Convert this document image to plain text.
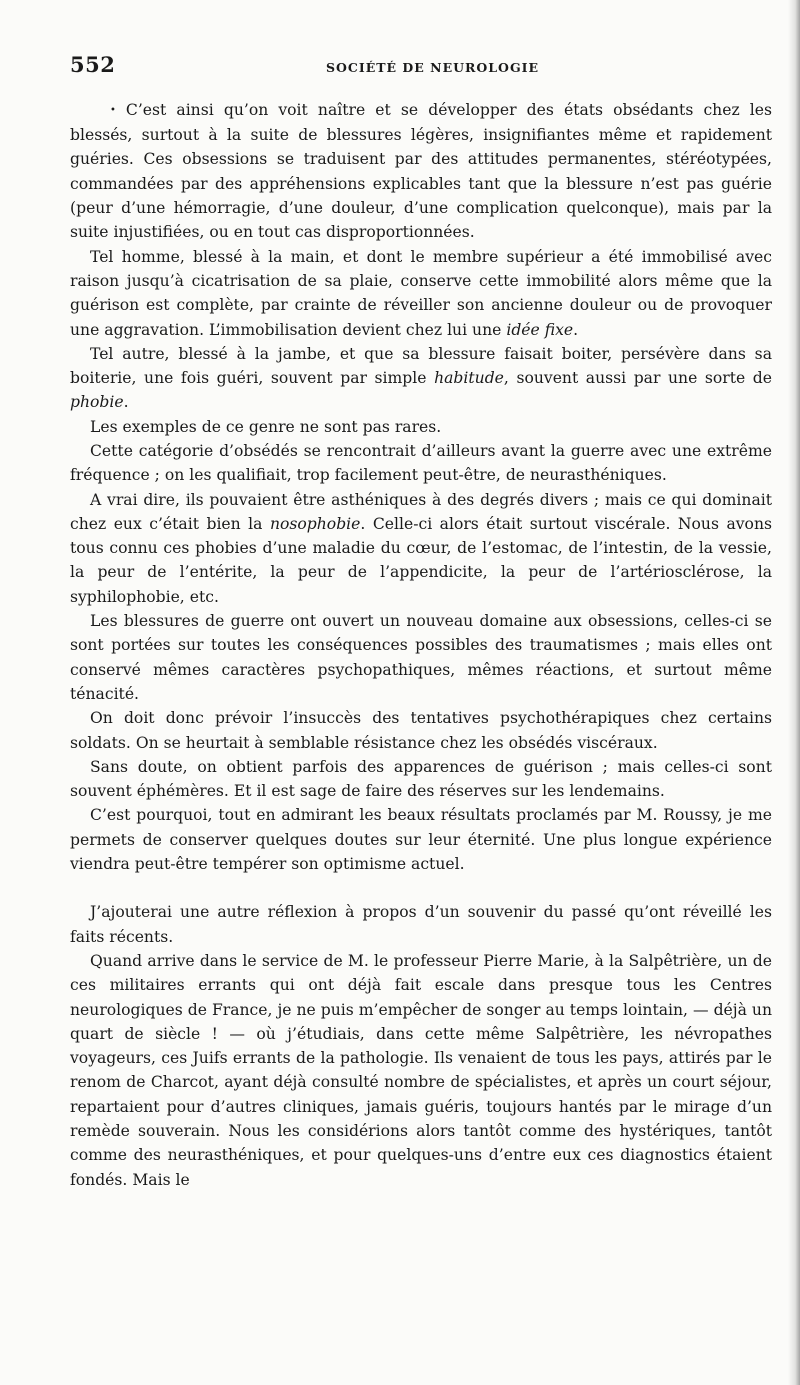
552	SOCIÉTÉ DE NEUROLOGIE

• C’est ainsi qu’on voit naître et se développer des états obsédants chez les blessés, surtout à la suite de blessures légères, insignifiantes même et rapidement guéries. Ces obsessions se traduisent par des attitudes permanentes, stéréotypées, commandées par des appréhensions explicables tant que la blessure n’est pas guérie (peur d’une hémorragie, d’une douleur, d’une complication quelconque), mais par la suite injustifiées, ou en tout cas disproportionnées.

Tel homme, blessé à la main, et dont le membre supérieur a été immobilisé avec raison jusqu’à cicatrisation de sa plaie, conserve cette immobilité alors même que la guérison est complète, par crainte de réveiller son ancienne douleur ou de provoquer une aggravation. L’immobilisation devient chez lui une idée fixe.

Tel autre, blessé à la jambe, et que sa blessure faisait boiter, persévère dans sa boiterie, une fois guéri, souvent par simple habitude, souvent aussi par une sorte de phobie.

Les exemples de ce genre ne sont pas rares.

Cette catégorie d’obsédés se rencontrait d’ailleurs avant la guerre avec une extrême fréquence ; on les qualifiait, trop facilement peut-être, de neurasthéniques.

A vrai dire, ils pouvaient être asthéniques à des degrés divers ; mais ce qui dominait chez eux c’était bien la nosophobie. Celle-ci alors était surtout viscérale. Nous avons tous connu ces phobies d’une maladie du cœur, de l’estomac, de l’intestin, de la vessie, la peur de l’entérite, la peur de l’appendicite, la peur de l’artériosclérose, la syphilophobie, etc.

Les blessures de guerre ont ouvert un nouveau domaine aux obsessions, celles-ci se sont portées sur toutes les conséquences possibles des traumatismes ; mais elles ont conservé mêmes caractères psychopathiques, mêmes réactions, et surtout même ténacité.

On doit donc prévoir l’insuccès des tentatives psychothérapiques chez certains soldats. On se heurtait à semblable résistance chez les obsédés viscéraux.

Sans doute, on obtient parfois des apparences de guérison ; mais celles-ci sont souvent éphémères. Et il est sage de faire des réserves sur les lendemains.

C’est pourquoi, tout en admirant les beaux résultats proclamés par M. Roussy, je me permets de conserver quelques doutes sur leur éternité. Une plus longue expérience viendra peut-être tempérer son optimisme actuel.

J’ajouterai une autre réflexion à propos d’un souvenir du passé qu’ont réveillé les faits récents.

Quand arrive dans le service de M. le professeur Pierre Marie, à la Salpêtrière, un de ces militaires errants qui ont déjà fait escale dans presque tous les Centres neurologiques de France, je ne puis m’empêcher de songer au temps lointain, — déjà un quart de siècle ! — où j’étudiais, dans cette même Salpêtrière, les névropathes voyageurs, ces Juifs errants de la pathologie. Ils venaient de tous les pays, attirés par le renom de Charcot, ayant déjà consulté nombre de spécialistes, et après un court séjour, repartaient pour d’autres cliniques, jamais guéris, toujours hantés par le mirage d’un remède souverain. Nous les considérions alors tantôt comme des hystériques, tantôt comme des neurasthéniques, et pour quelques-uns d’entre eux ces diagnostics étaient fondés. Mais le
